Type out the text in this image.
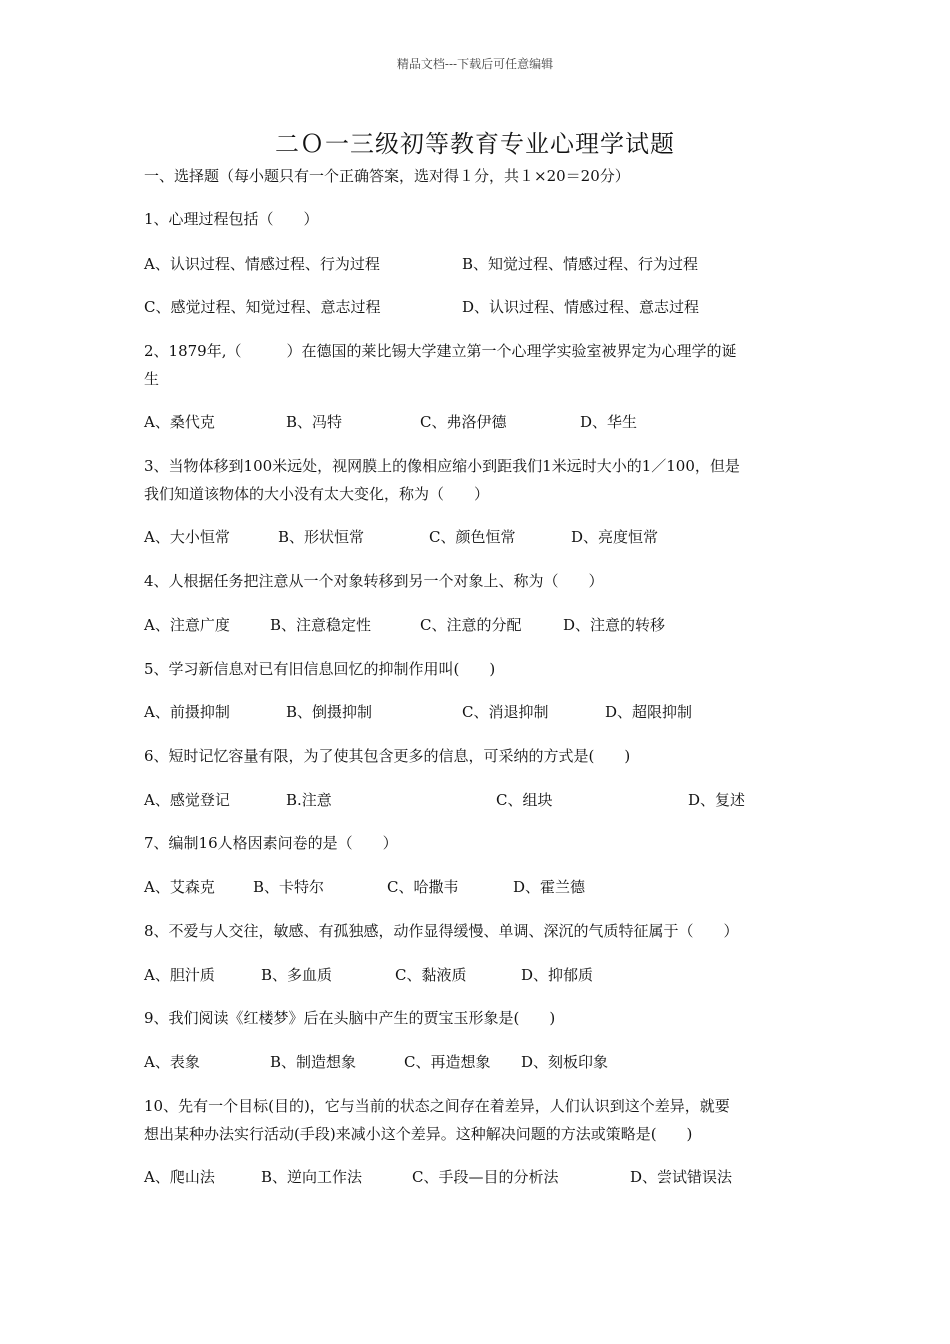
精品文档---下载后可任意编辑
二Ｏ一三级初等教育专业心理学试题
一、选择题（每小题只有一个正确答案，选对得１分，共１×20＝20分）
1、心理过程包括（　　）
A、认识过程、情感过程、行为过程	B、知觉过程、情感过程、行为过程
C、感觉过程、知觉过程、意志过程	D、认识过程、情感过程、意志过程
2、1879年,（　　　）在德国的莱比锡大学建立第一个心理学实验室被界定为心理学的诞
生
A、桑代克	B、冯特	C、弗洛伊德	D、华生
3、当物体移到100米远处，视网膜上的像相应缩小到距我们1米远时大小的1／100，但是
我们知道该物体的大小没有太大变化，称为（　　）
A、大小恒常	B、形状恒常	C、颜色恒常	D、亮度恒常
4、人根据任务把注意从一个对象转移到另一个对象上、称为（　　）
A、注意广度	B、注意稳定性	C、注意的分配	D、注意的转移
5、学习新信息对已有旧信息回忆的抑制作用叫(　　)
A、前摄抑制	B、倒摄抑制	C、消退抑制	D、超限抑制
6、短时记忆容量有限，为了使其包含更多的信息，可采纳的方式是(　　)
A、感觉登记	B.注意	C、组块	D、复述
7、编制16人格因素问卷的是（　　）
A、艾森克	B、卡特尔	C、哈撒韦	D、霍兰德
8、不爱与人交往，敏感、有孤独感，动作显得缓慢、单调、深沉的气质特征属于（　　）
A、胆汁质	B、多血质	C、黏液质	D、抑郁质
9、我们阅读《红楼梦》后在头脑中产生的贾宝玉形象是(　　)
A、表象	B、制造想象	C、再造想象 D、刻板印象
10、先有一个目标(目的)，它与当前的状态之间存在着差异，人们认识到这个差异，就要
想出某种办法实行活动(手段)来减小这个差异。这种解决问题的方法或策略是(　　)
A、爬山法	B、逆向工作法	C、手段—目的分析法	D、尝试错误法
